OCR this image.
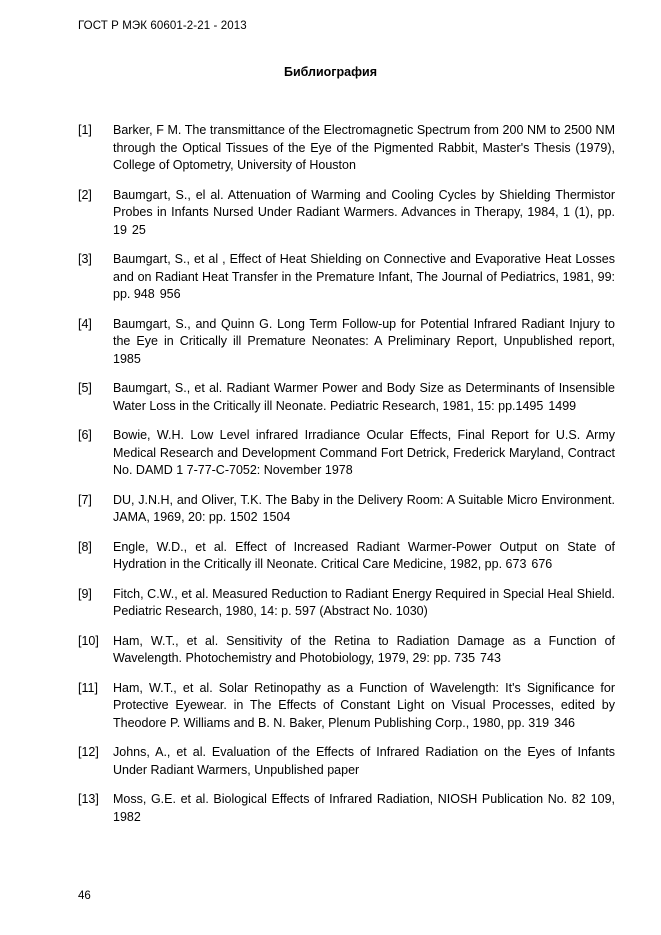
ГОСТ Р МЭК 60601-2-21 - 2013
Библиография
[1]	Barker, F M. The transmittance of the Electromagnetic Spectrum from 200 NM to 2500 NM through the Optical Tissues of the Eye of the Pigmented Rabbit, Master's Thesis (1979), College of Optometry, University of Houston
[2]	Baumgart, S., el al. Attenuation of Warming and Cooling Cycles by Shielding Thermistor Probes in Infants Nursed Under Radiant Warmers. Advances in Therapy, 1984, 1 (1), pp. 19  25
[3]	Baumgart, S., et al , Effect of Heat Shielding on Connective and Evaporative Heat Losses and on Radiant Heat Transfer in the Premature Infant, The Journal of Pediatrics, 1981, 99: pp. 948  956
[4]	Baumgart, S., and Quinn G. Long Term Follow-up for Potential Infrared Radiant Injury to the Eye in Critically ill Premature Neonates: A Preliminary Report, Unpublished report, 1985
[5]	Baumgart, S., et al. Radiant Warmer Power and Body Size as Determinants of Insensible Water Loss in the Critically ill Neonate. Pediatric Research, 1981, 15: pp.1495  1499
[6]	Bowie, W.H. Low Level infrared Irradiance Ocular Effects, Final Report for U.S. Army Medical Research and Development Command Fort Detrick, Frederick Maryland, Contract No. DAMD 1 7-77-C-7052: November 1978
[7]	DU, J.N.H, and Oliver, T.K. The Baby in the Delivery Room: A Suitable Micro Environment. JAMA, 1969, 20: pp. 1502  1504
[8]	Engle, W.D., et al. Effect of Increased Radiant Warmer-Power Output on State of Hydration in the Critically ill Neonate. Critical Care Medicine, 1982, pp. 673  676
[9]	Fitch, C.W., et al. Measured Reduction to Radiant Energy Required in Special Heal Shield. Pediatric Research, 1980, 14: p. 597 (Abstract No. 1030)
[10]	Ham, W.T., et al. Sensitivity of the Retina to Radiation Damage as a Function of Wavelength. Photochemistry and Photobiology, 1979, 29: pp. 735  743
[11]	Ham, W.T., et al. Solar Retinopathy as a Function of Wavelength: It's Significance for Protective Eyewear. in The Effects of Constant Light on Visual Processes, edited by Theodore P. Williams and B. N. Baker, Plenum Publishing Corp., 1980, pp. 319  346
[12]	Johns, A., et al. Evaluation of the Effects of Infrared Radiation on the Eyes of Infants Under Radiant Warmers, Unpublished paper
[13]	Moss, G.E. et al. Biological Effects of Infrared Radiation, NIOSH Publication No. 82  109, 1982
46
